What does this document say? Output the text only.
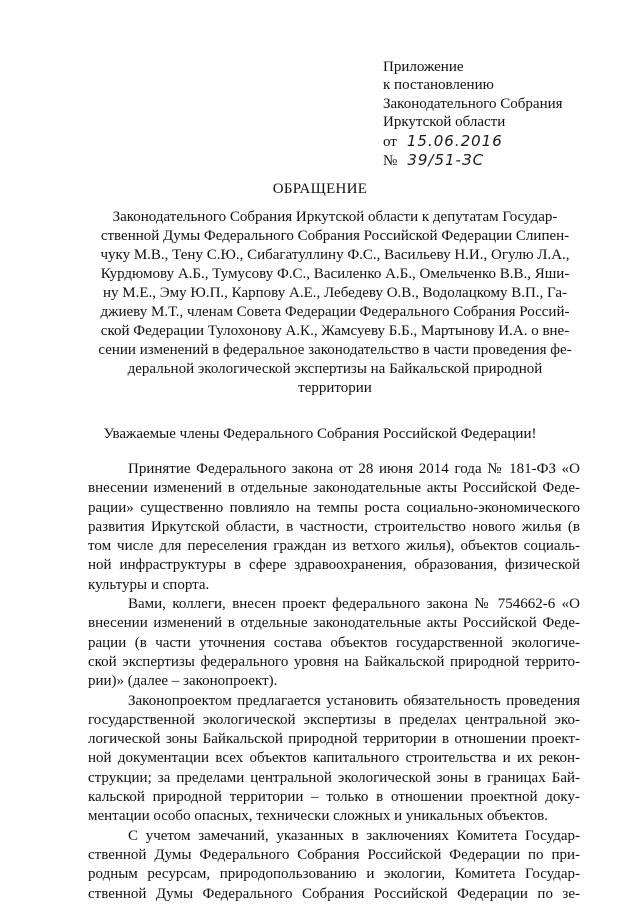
Приложение
к постановлению
Законодательного Собрания
Иркутской области
от 15.06.2016
№ 39/51-ЗС
ОБРАЩЕНИЕ
Законодательного Собрания Иркутской области к депутатам Государ-
ственной Думы Федерального Собрания Российской Федерации Слипен-
чуку М.В., Тену С.Ю., Сибагатуллину Ф.С., Васильеву Н.И., Огулю Л.А.,
Курдюмову А.Б., Тумусову Ф.С., Василенко А.Б., Омельченко В.В., Яши-
ну М.Е., Эму Ю.П., Карпову А.Е., Лебедеву О.В., Водолацкому В.П., Га-
джиеву М.Т., членам Совета Федерации Федерального Собрания Россий-
ской Федерации Тулохонову А.К., Жамсуеву Б.Б., Мартынову И.А. о вне-
сении изменений в федеральное законодательство в части проведения фе-
деральной экологической экспертизы на Байкальской природной
территории
Уважаемые члены Федерального Собрания Российской Федерации!
Принятие Федерального закона от 28 июня 2014 года № 181-ФЗ «О
внесении изменений в отдельные законодательные акты Российской Феде-
рации» существенно повлияло на темпы роста социально-экономического
развития Иркутской области, в частности, строительство нового жилья (в
том числе для переселения граждан из ветхого жилья), объектов социаль-
ной инфраструктуры в сфере здравоохранения, образования, физической
культуры и спорта.
Вами, коллеги, внесен проект федерального закона № 754662-6 «О
внесении изменений в отдельные законодательные акты Российской Феде-
рации (в части уточнения состава объектов государственной экологиче-
ской экспертизы федерального уровня на Байкальской природной террито-
рии)» (далее – законопроект).
Законопроектом предлагается установить обязательность проведения
государственной экологической экспертизы в пределах центральной эко-
логической зоны Байкальской природной территории в отношении проект-
ной документации всех объектов капитального строительства и их рекон-
струкции; за пределами центральной экологической зоны в границах Бай-
кальской природной территории – только в отношении проектной доку-
ментации особо опасных, технически сложных и уникальных объектов.
С учетом замечаний, указанных в заключениях Комитета Государ-
ственной Думы Федерального Собрания Российской Федерации по при-
родным ресурсам, природопользованию и экологии, Комитета Государ-
ственной Думы Федерального Собрания Российской Федерации по зе-
